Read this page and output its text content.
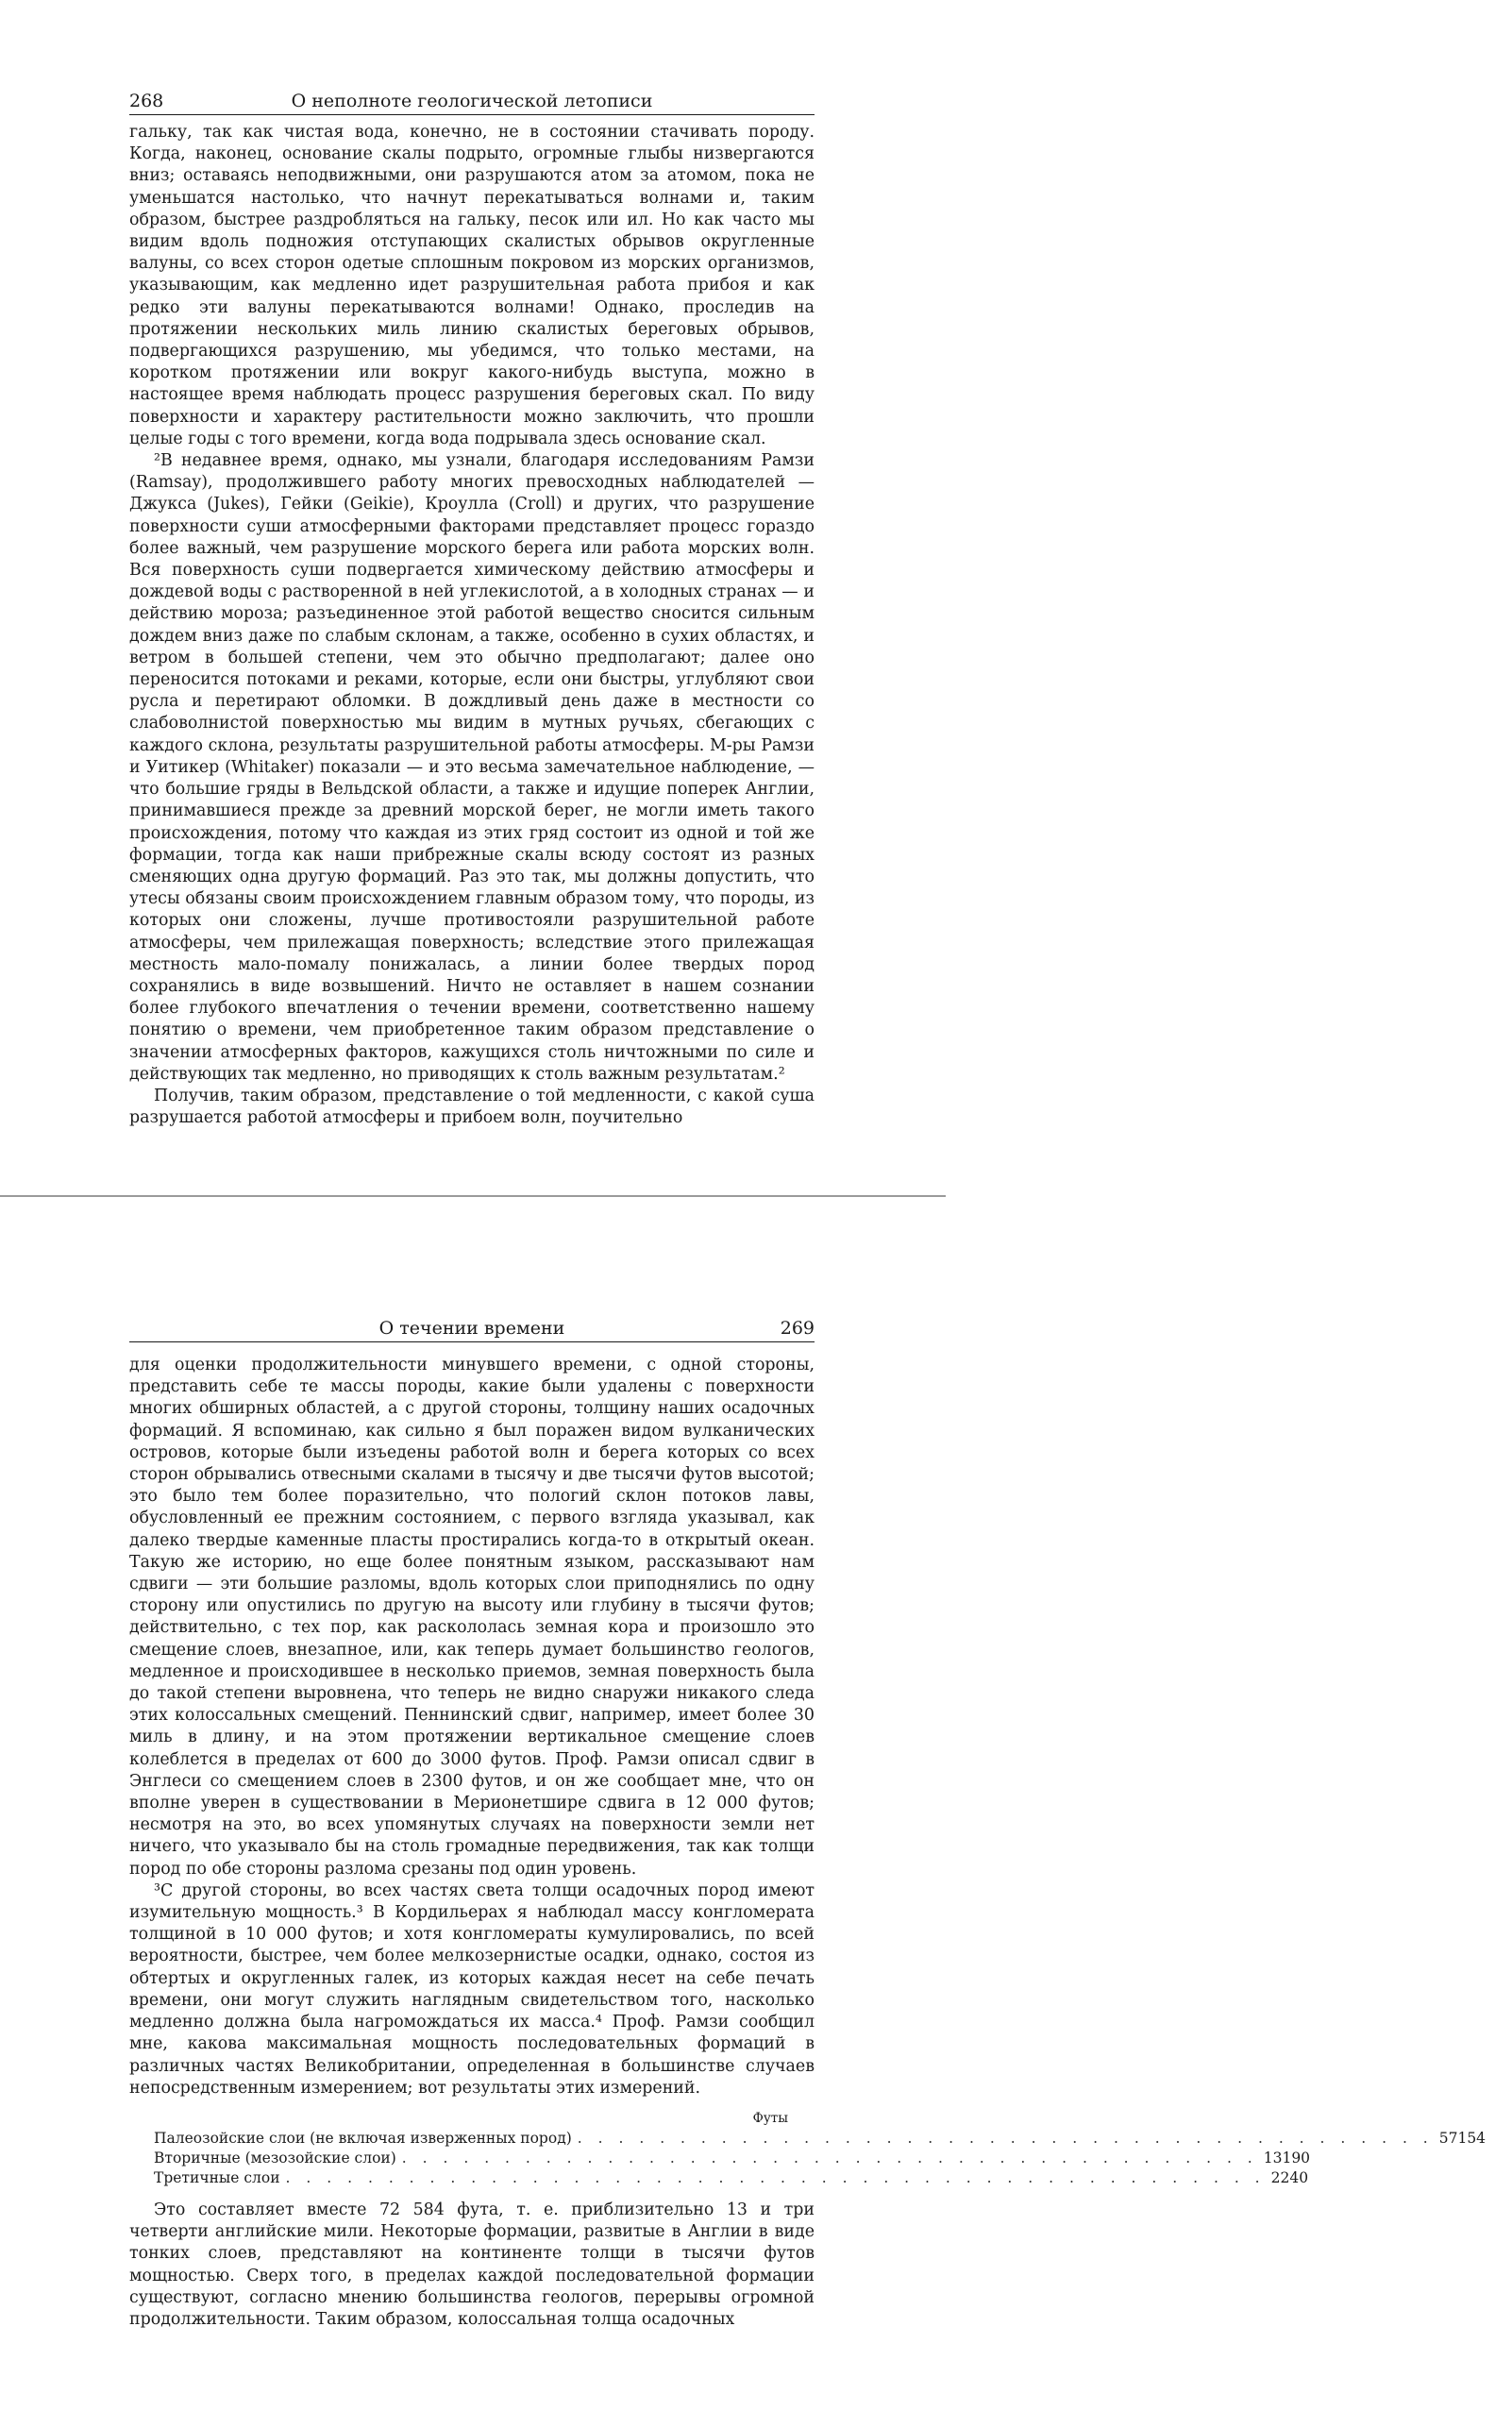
268	О неполноте геологической летописи

гальку, так как чистая вода, конечно, не в состоянии стачивать породу. Когда, наконец, основание скалы подрыто, огромные глыбы низвергаются вниз; оставаясь неподвижными, они разрушаются атом за атомом, пока не уменьшатся настолько, что начнут перекатываться волнами и, таким образом, быстрее раздробляться на гальку, песок или ил. Но как часто мы видим вдоль подножия отступающих скалистых обрывов округленные валуны, со всех сторон одетые сплошным покровом из морских организмов, указывающим, как медленно идет разрушительная работа прибоя и как редко эти валуны перекатываются волнами! Однако, проследив на протяжении нескольких миль линию скалистых береговых обрывов, подвергающихся разрушению, мы убедимся, что только местами, на коротком протяжении или вокруг какого-нибудь выступа, можно в настоящее время наблюдать процесс разрушения береговых скал. По виду поверхности и характеру растительности можно заключить, что прошли целые годы с того времени, когда вода подрывала здесь основание скал.

²В недавнее время, однако, мы узнали, благодаря исследованиям Рамзи (Ramsay), продолжившего работу многих превосходных наблюдателей — Джукса (Jukes), Гейки (Geikie), Кроулла (Croll) и других, что разрушение поверхности суши атмосферными факторами представляет процесс гораздо более важный, чем разрушение морского берега или работа морских волн. Вся поверхность суши подвергается химическому действию атмосферы и дождевой воды с растворенной в ней углекислотой, а в холодных странах — и действию мороза; разъединенное этой работой вещество сносится сильным дождем вниз даже по слабым склонам, а также, особенно в сухих областях, и ветром в большей степени, чем это обычно предполагают; далее оно переносится потоками и реками, которые, если они быстры, углубляют свои русла и перетирают обломки. В дождливый день даже в местности со слабоволнистой поверхностью мы видим в мутных ручьях, сбегающих с каждого склона, результаты разрушительной работы атмосферы. М-ры Рамзи и Уитикер (Whitaker) показали — и это весьма замечательное наблюдение, — что большие гряды в Вельдской области, а также и идущие поперек Англии, принимавшиеся прежде за древний морской берег, не могли иметь такого происхождения, потому что каждая из этих гряд состоит из одной и той же формации, тогда как наши прибрежные скалы всюду состоят из разных сменяющих одна другую формаций. Раз это так, мы должны допустить, что утесы обязаны своим происхождением главным образом тому, что породы, из которых они сложены, лучше противостояли разрушительной работе атмосферы, чем прилежащая поверхность; вследствие этого прилежащая местность мало-помалу понижалась, а линии более твердых пород сохранялись в виде возвышений. Ничто не оставляет в нашем сознании более глубокого впечатления о течении времени, соответственно нашему понятию о времени, чем приобретенное таким образом представление о значении атмосферных факторов, кажущихся столь ничтожными по силе и действующих так медленно, но приводящих к столь важным результатам.²

Получив, таким образом, представление о той медленности, с какой суша разрушается работой атмосферы и прибоем волн, поучительно

О течении времени	269

для оценки продолжительности минувшего времени, с одной стороны, представить себе те массы породы, какие были удалены с поверхности многих обширных областей, а с другой стороны, толщину наших осадочных формаций. Я вспоминаю, как сильно я был поражен видом вулканических островов, которые были изъедены работой волн и берега которых со всех сторон обрывались отвесными скалами в тысячу и две тысячи футов высотой; это было тем более поразительно, что пологий склон потоков лавы, обусловленный ее прежним состоянием, с первого взгляда указывал, как далеко твердые каменные пласты простирались когда-то в открытый океан. Такую же историю, но еще более понятным языком, рассказывают нам сдвиги — эти большие разломы, вдоль которых слои приподнялись по одну сторону или опустились по другую на высоту или глубину в тысячи футов; действительно, с тех пор, как раскололась земная кора и произошло это смещение слоев, внезапное, или, как теперь думает большинство геологов, медленное и происходившее в несколько приемов, земная поверхность была до такой степени выровнена, что теперь не видно снаружи никакого следа этих колоссальных смещений. Пеннинский сдвиг, например, имеет более 30 миль в длину, и на этом протяжении вертикальное смещение слоев колеблется в пределах от 600 до 3000 футов. Проф. Рамзи описал сдвиг в Энглеси со смещением слоев в 2300 футов, и он же сообщает мне, что он вполне уверен в существовании в Мерионетшире сдвига в 12 000 футов; несмотря на это, во всех упомянутых случаях на поверхности земли нет ничего, что указывало бы на столь громадные передвижения, так как толщи пород по обе стороны разлома срезаны под один уровень.

³С другой стороны, во всех частях света толщи осадочных пород имеют изумительную мощность.³ В Кордильерах я наблюдал массу конгломерата толщиной в 10 000 футов; и хотя конгломераты кумулировались, по всей вероятности, быстрее, чем более мелкозернистые осадки, однако, состоя из обтертых и округленных галек, из которых каждая несет на себе печать времени, они могут служить наглядным свидетельством того, насколько медленно должна была нагромождаться их масса.⁴ Проф. Рамзи сообщил мне, какова максимальная мощность последовательных формаций в различных частях Великобритании, определенная в большинстве случаев непосредственным измерением; вот результаты этих измерений.

Футы
Палеозойские слои (не включая изверженных пород) . . . . . . . . . . . . . . . . . . . . . . . . . . . . . . . . . . . . . . . . . . 57154
Вторичные (мезозойские слои) . . . . . . . . . . . . . . . . . . . . . . . . . . . . . . . . . . . . . . . . . . 13190
Третичные слои . . . . . . . . . . . . . . . . . . . . . . . . . . . . . . . . . . . . . . . . . . . . . . . . 2240

Это составляет вместе 72 584 фута, т. е. приблизительно 13 и три четверти английские мили. Некоторые формации, развитые в Англии в виде тонких слоев, представляют на континенте толщи в тысячи футов мощностью. Сверх того, в пределах каждой последовательной формации существуют, согласно мнению большинства геологов, перерывы огромной продолжительности. Таким образом, колоссальная толща осадочных
